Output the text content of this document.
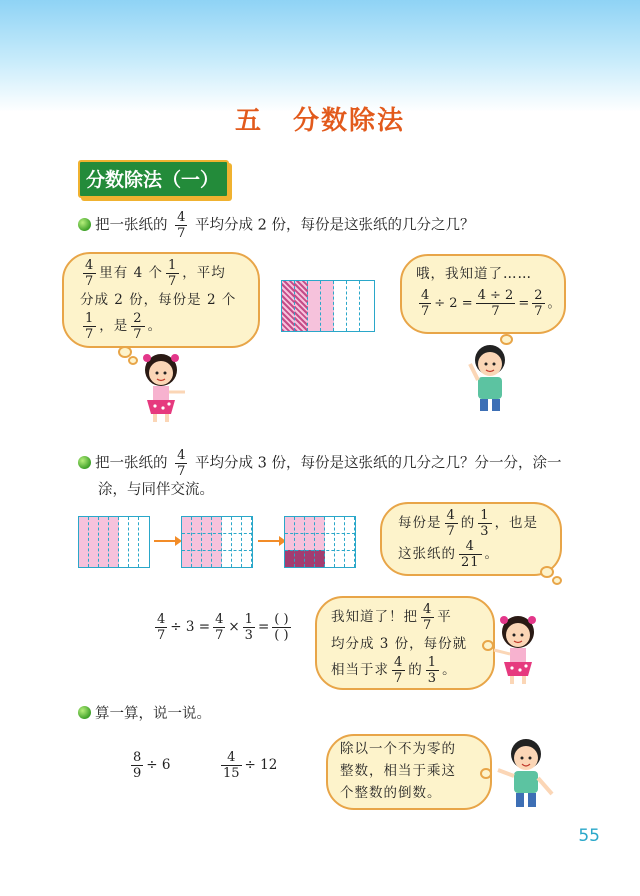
五 分数除法
分数除法（一）
把一张纸的 $\frac{4}{7}$ 平均分成 2 份，每份是这张纸的几分之几？
$\frac{4}{7}$ 里有 4 个 $\frac{1}{7}$ ，平均
分成 2 份，每份是 2 个
$\frac{1}{7}$ ，是 $\frac{2}{7}$ 。
哦，我知道了……
$\frac{4}{7} \div 2 = \frac{4 \div 2}{7} = \frac{2}{7}$ 。
把一张纸的 $\frac{4}{7}$ 平均分成 3 份，每份是这张纸的几分之几？分一分，涂一
涂，与同伴交流。
每份是 $\frac{4}{7}$ 的 $\frac{1}{3}$ ，也是
这张纸的 $\frac{4}{21}$ 。
$\frac{4}{7} \div 3 = \frac{4}{7} \times \frac{1}{3} = \frac{( )}{( )}$	我知道了！把 $\frac{4}{7}$ 平
均分成 3 份，每份就
相当于求 $\frac{4}{7}$ 的 $\frac{1}{3}$ 。
算一算，说一说。
$\frac{8}{9} \div 6$	$\frac{4}{15} \div 12$
除以一个不为零的
整数，相当于乘这
个整数的倒数。
55
